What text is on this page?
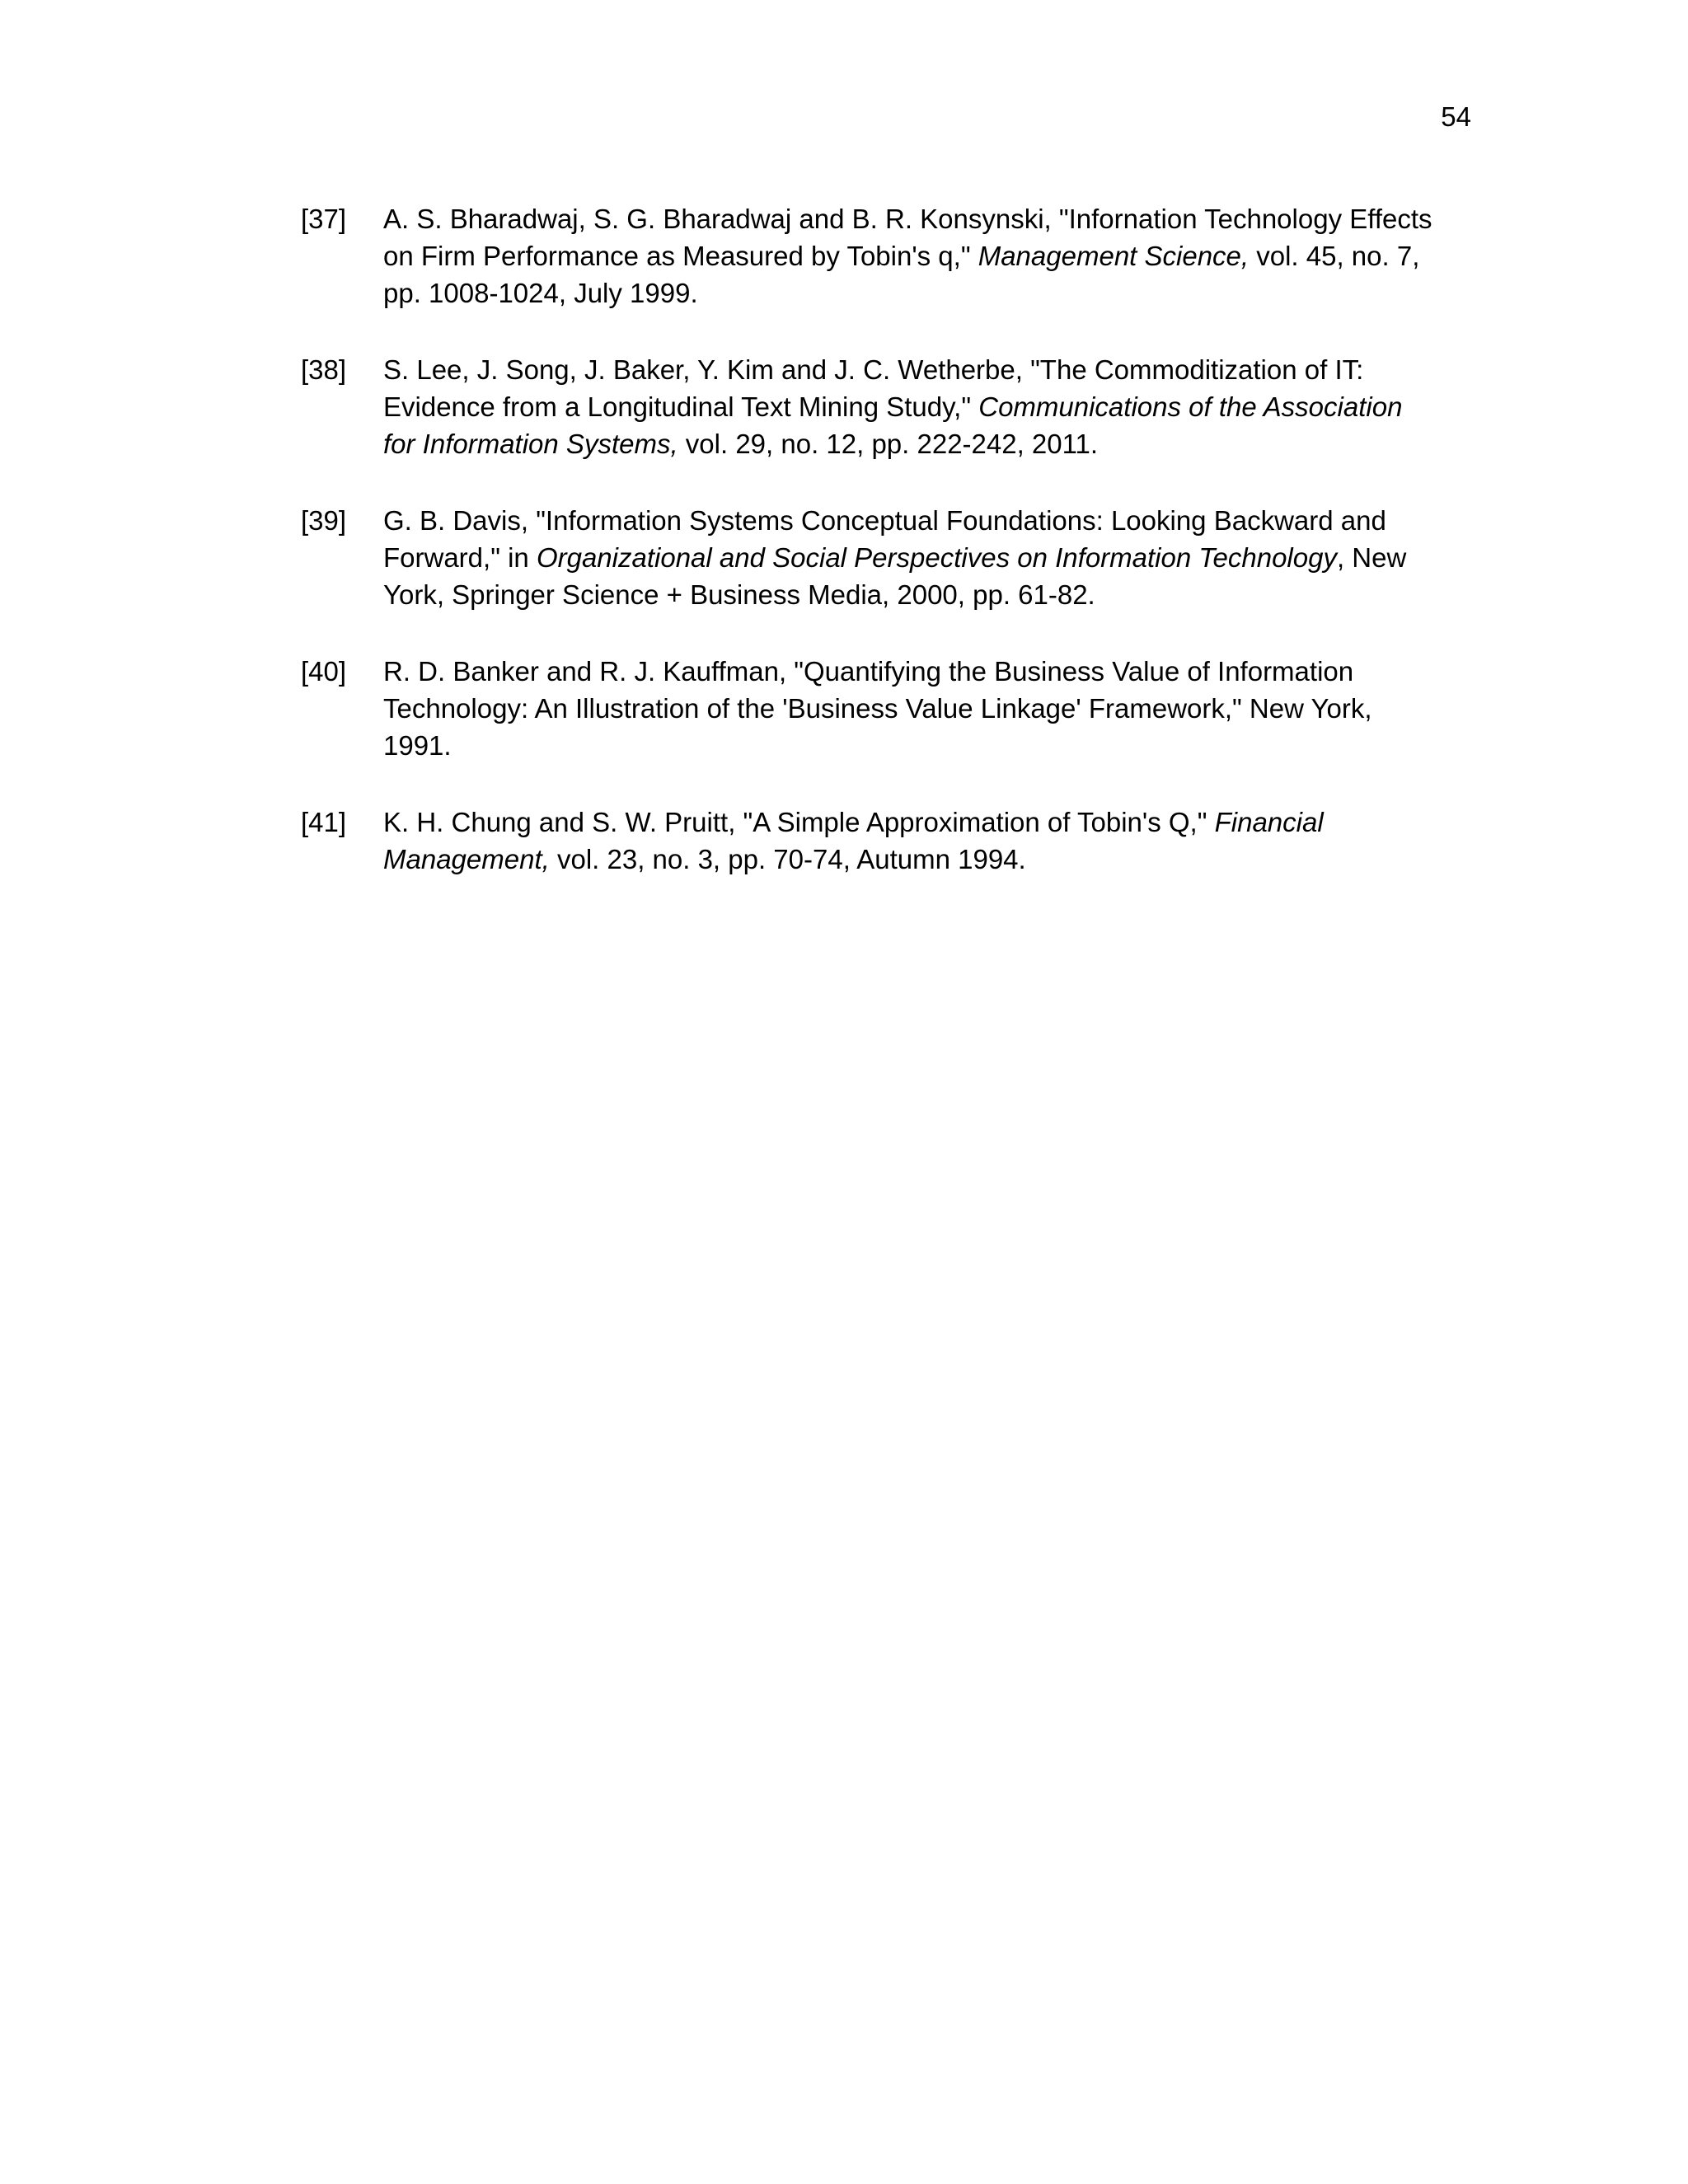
54
[37]	A. S. Bharadwaj, S. G. Bharadwaj and B. R. Konsynski, "Infornation Technology Effects on Firm Performance as Measured by Tobin's q," Management Science, vol. 45, no. 7, pp. 1008-1024, July 1999.
[38]	S. Lee, J. Song, J. Baker, Y. Kim and J. C. Wetherbe, "The Commoditization of IT: Evidence from a Longitudinal Text Mining Study," Communications of the Association for Information Systems, vol. 29, no. 12, pp. 222-242, 2011.
[39]	G. B. Davis, "Information Systems Conceptual Foundations: Looking Backward and Forward," in Organizational and Social Perspectives on Information Technology, New York, Springer Science + Business Media, 2000, pp. 61-82.
[40]	R. D. Banker and R. J. Kauffman, "Quantifying the Business Value of Information Technology: An Illustration of the 'Business Value Linkage' Framework," New York, 1991.
[41]	K. H. Chung and S. W. Pruitt, "A Simple Approximation of Tobin's Q," Financial Management, vol. 23, no. 3, pp. 70-74, Autumn 1994.
